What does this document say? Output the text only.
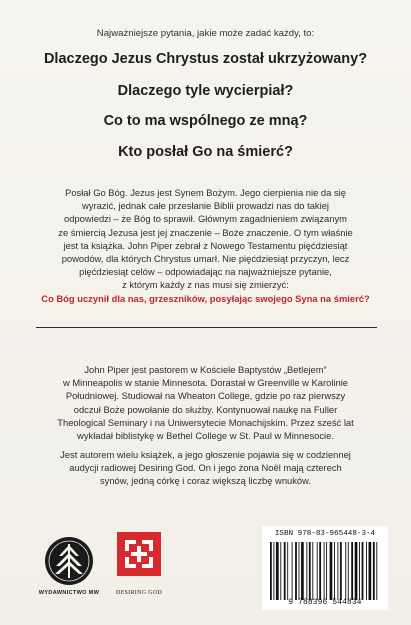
Najważniejsze pytania, jakie może zadać każdy, to:
Dlaczego Jezus Chrystus został ukrzyżowany?
Dlaczego tyle wycierpiał?
Co to ma wspólnego ze mną?
Kto posłał Go na śmierć?
Posłał Go Bóg. Jezus jest Synem Bożym. Jego cierpienia nie da się
wyrazić, jednak całe przesłanie Biblii prowadzi nas do takiej
odpowiedzi – że Bóg to sprawił. Głównym zagadnieniem związanym
ze śmiercią Jezusa jest jej znaczenie – Boże znaczenie. O tym właśnie
jest ta książka. John Piper zebrał z Nowego Testamentu pięćdziesiąt
powodów, dla których Chrystus umarł. Nie pięćdziesiąt przyczyn, lecz
pięćdziesiąt celów – odpowiadając na najważniejsze pytanie,
z którym każdy z nas musi się zmierzyć:
Co Bóg uczynił dla nas, grzeszników, posyłając swojego Syna na śmierć?
John Piper jest pastorem w Kościele Baptystów „Betlejem”
w Minneapolis w stanie Minnesota. Dorastał w Greenville w Karolinie
Południowej. Studiował na Wheaton College, gdzie po raz pierwszy
odczuł Boże powołanie do służby. Kontynuował naukę na Fuller
Theological Seminary i na Uniwersytecie Monachijskim. Przez sześć lat
wykładał biblistykę w Bethel College w St. Paul w Minnesocie.
Jest autorem wielu książek, a jego głoszenie pojawia się w codziennej
audycji radiowej Desiring God. On i jego żona Noël mają czterech
synów, jedną córkę i coraz większą liczbę wnuków.
WYDAWNICTWO MW	DESIRING GOD
ISBN 978-83-965448-3-4
9 788396 544834
